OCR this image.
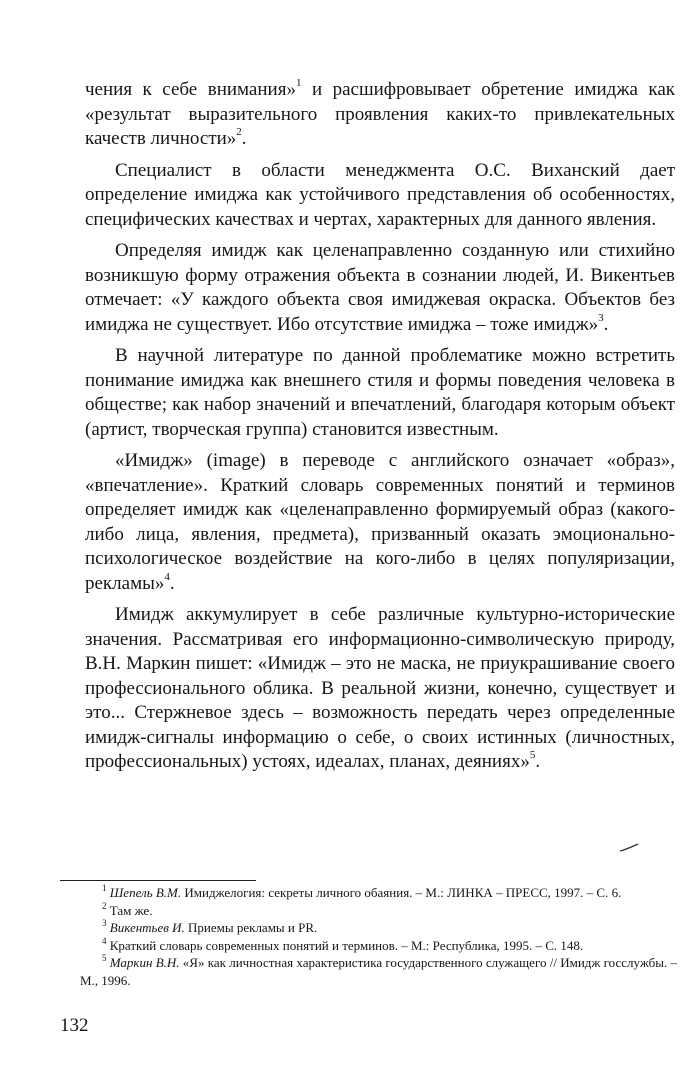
чения к себе внимания»$^1$ и расшифровывает обретение имиджа как «результат выразительного проявления каких-то привлекательных качеств личности»$^2$.

Специалист в области менеджмента О.С. Виханский дает определение имиджа как устойчивого представления об особенностях, специфических качествах и чертах, характерных для данного явления.

Определяя имидж как целенаправленно созданную или стихийно возникшую форму отражения объекта в сознании людей, И. Викентьев отмечает: «У каждого объекта своя имиджевая окраска. Объектов без имиджа не существует. Ибо отсутствие имиджа – тоже имидж»$^3$.

В научной литературе по данной проблематике можно встретить понимание имиджа как внешнего стиля и формы поведения человека в обществе; как набор значений и впечатлений, благодаря которым объект (артист, творческая группа) становится известным.

«Имидж» (image) в переводе с английского означает «образ», «впечатление». Краткий словарь современных понятий и терминов определяет имидж как «целенаправленно формируемый образ (какого-либо лица, явления, предмета), призванный оказать эмоционально-психологическое воздействие на кого-либо в целях популяризации, рекламы»$^4$.

Имидж аккумулирует в себе различные культурно-исторические значения. Рассматривая его информационно-символическую природу, В.Н. Маркин пишет: «Имидж – это не маска, не приукрашивание своего профессионального облика. В реальной жизни, конечно, существует и это... Стержневое здесь – возможность передать через определенные имидж-сигналы информацию о себе, о своих истинных (личностных, профессиональных) устоях, идеалах, планах, деяниях»$^5$.

$^1$ Шепель В.М. Имиджелогия: секреты личного обаяния. – М.: ЛИНКА – ПРЕСС, 1997. – С. 6.

$^2$ Там же.

$^3$ Викентьев И. Приемы рекламы и PR.

$^4$ Краткий словарь современных понятий и терминов. – М.: Республика, 1995. – С. 148.

$^5$ Маркин В.Н. «Я» как личностная характеристика государственного служащего // Имидж госслужбы. – М., 1996.

132
